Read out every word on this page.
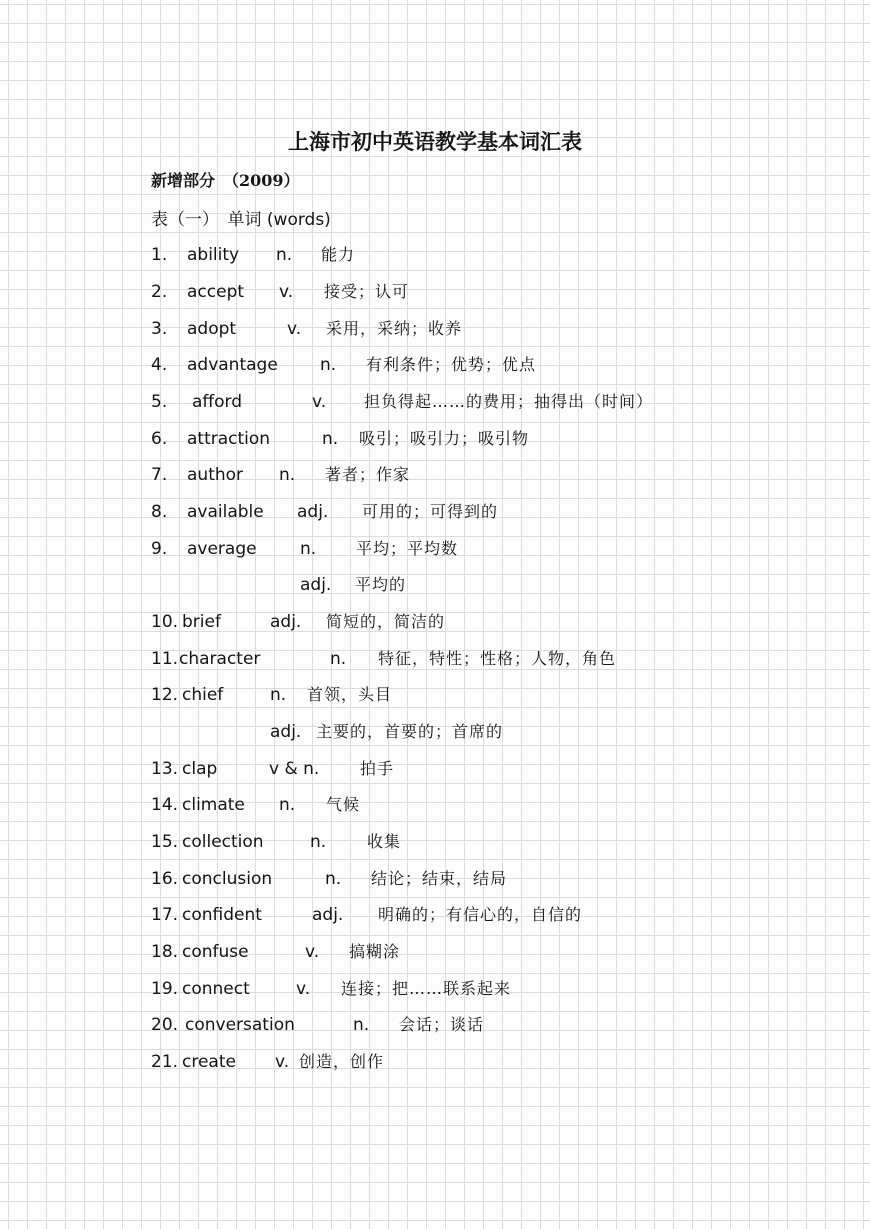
上海市初中英语教学基本词汇表
新增部分　（2009）
表（一）　单词 (words)
1. ability n. 能力
2. accept v. 接受；认可
3. adopt	v. 采用，采纳；收养
4. advantage n. 有利条件；优势；优点
5. afford	v. 担负得起……的费用；抽得出（时间）
6. attraction	n. 吸引；吸引力；吸引物
7. author n. 著者；作家
8. available adj. 可用的；可得到的
9. average	n. 平均；平均数
adj. 平均的
10. brief	adj. 简短的，简洁的
11.character	n. 特征，特性；性格；人物，角色
12. chief	n. 首领，头目
adj. 主要的，首要的；首席的
13. clap	v & n.	拍手
14. climate n. 气候
15. collection	n.	收集
16. conclusion	n. 结论；结束，结局
17. confident	adj. 明确的；有信心的，自信的
18. confuse	v. 搞糊涂
19. connect	v. 连接；把……联系起来
20. conversation	n. 会话；谈话
21. create v. 创造，创作
